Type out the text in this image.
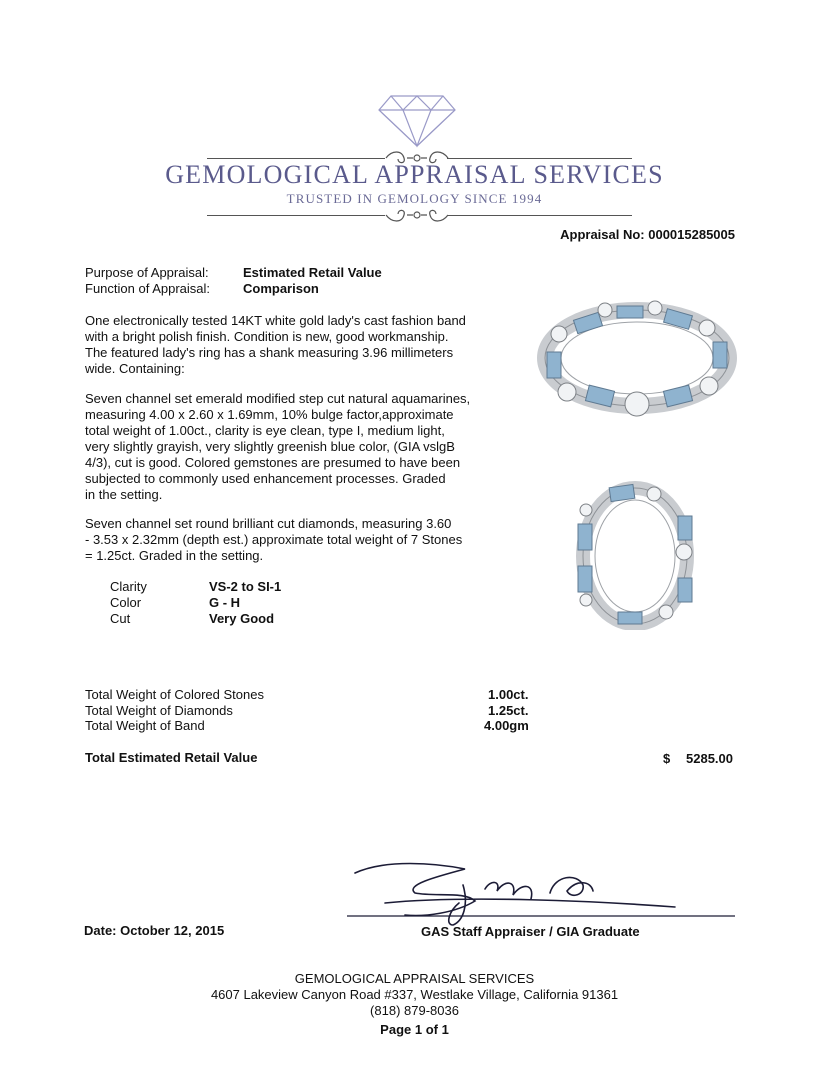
GEMOLOGICAL APPRAISAL SERVICES
TRUSTED IN GEMOLOGY SINCE 1994
Appraisal No: 000015285005
Purpose of Appraisal:	Estimated Retail Value
Function of Appraisal:	Comparison
One electronically tested 14KT white gold lady's cast fashion band
with a bright polish finish. Condition is new, good workmanship.
The featured lady's ring has a shank measuring 3.96 millimeters
wide. Containing:
Seven channel set emerald modified step cut natural aquamarines,
measuring 4.00 x 2.60 x 1.69mm, 10% bulge factor,approximate
total weight of 1.00ct., clarity is eye clean, type I, medium light,
very slightly grayish, very slightly greenish blue color, (GIA vslgB
4/3), cut is good. Colored gemstones are presumed to have been
subjected to commonly used enhancement processes. Graded
in the setting.
Seven channel set round brilliant cut diamonds, measuring 3.60
- 3.53 x 2.32mm (depth est.) approximate total weight of 7 Stones
= 1.25ct. Graded in the setting.
Clarity	VS-2 to SI-1
Color	G - H
Cut	Very Good
Total Weight of Colored Stones	1.00ct.
Total Weight of Diamonds	1.25ct.
Total Weight of Band	4.00gm
Total Estimated Retail Value	$ 5285.00
Date: October 12, 2015	GAS Staff Appraiser / GIA Graduate
GEMOLOGICAL APPRAISAL SERVICES
4607 Lakeview Canyon Road #337, Westlake Village, California 91361
(818) 879-8036
Page 1 of 1
